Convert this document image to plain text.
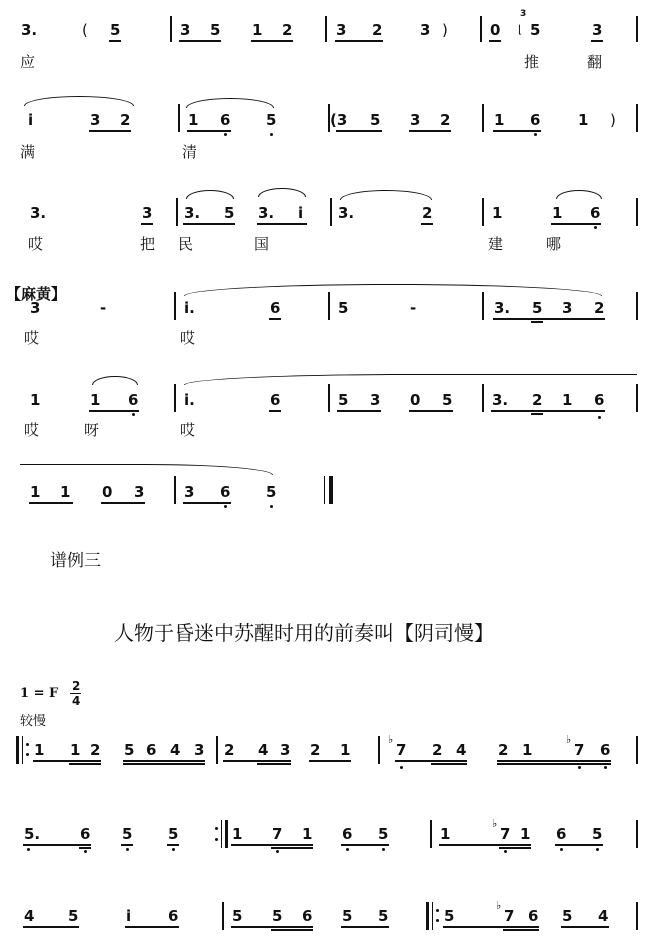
3.	( 5	3 5 1 2	3 2	3 )	0
3
⌊ 5	3
应	推	翻
i	3 2	1 6 5	(3 5 3 2	1 6	1 )
满	清
3.	3 3. 5 3. i 3.	2	1	1 6
哎	把 民	国	建	哪
【麻黄】
3	-	i.	6	5	-	3. 5 3 2
哎	哎
1	1 6	i.	6	5 3 0 5	3. 2 1 6
哎	呀	哎
1 1 0 3	3 6 5
谱例三
人物于昏迷中苏醒时用的前奏叫【阴司慢】
1 = F 2
4
较慢
1 1 2 5 6 4 3 2 4 3 2 1
♭
7 2 4 2 1
♭
7 6
5.	6 5 5	1 7 1 6 5	1
♭
7 1 6 5
4 5	i 6	5 5 6 5 5	5
♭
7 6 5 4
